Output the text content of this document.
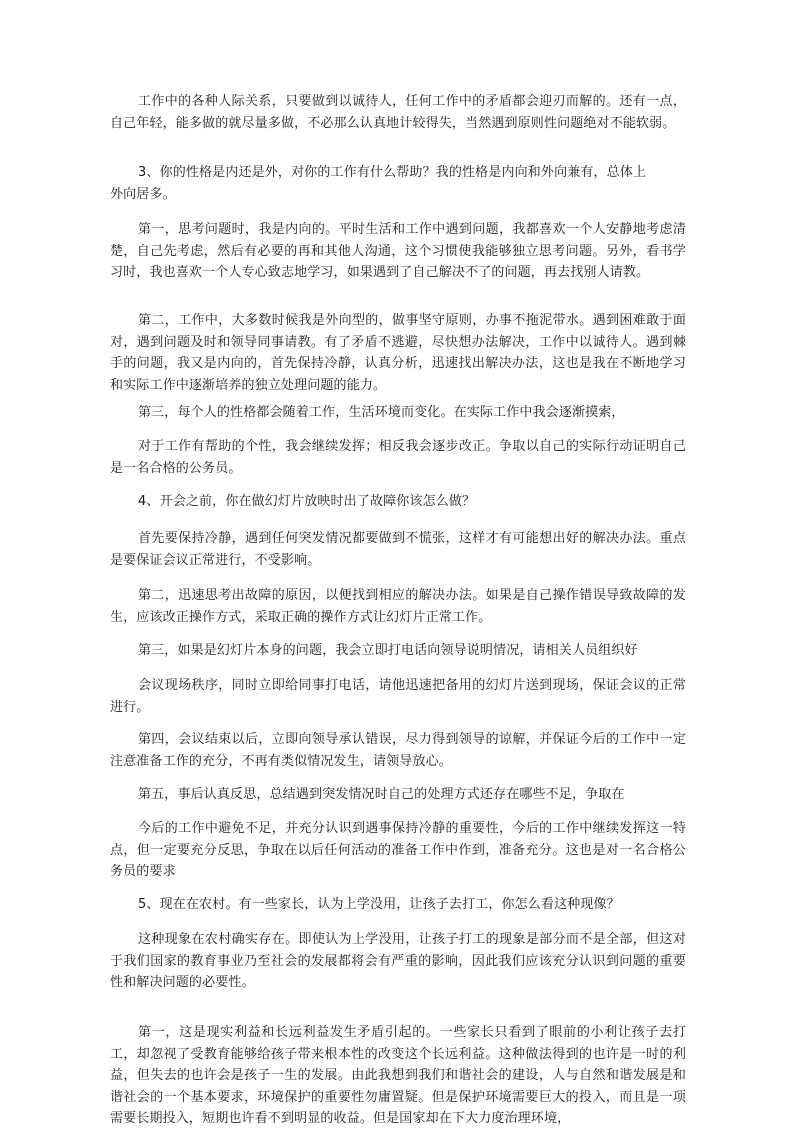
工作中的各种人际关系，只要做到以诚待人，任何工作中的矛盾都会迎刃而解的。还有一点，自己年轻，能多做的就尽量多做，不必那么认真地计较得失，当然遇到原则性问题绝对不能软弱。

3、你的性格是内还是外，对你的工作有什么帮助？我的性格是内向和外向兼有，总体上
外向居多。

第一，思考问题时，我是内向的。平时生活和工作中遇到问题，我都喜欢一个人安静地考虑清楚，自己先考虑，然后有必要的再和其他人沟通，这个习惯使我能够独立思考问题。另外，看书学习时，我也喜欢一个人专心致志地学习，如果遇到了自己解决不了的问题，再去找别人请教。

第二，工作中，大多数时候我是外向型的，做事坚守原则，办事不拖泥带水。遇到困难敢于面对，遇到问题及时和领导同事请教。有了矛盾不逃避，尽快想办法解决，工作中以诚待人。遇到棘手的问题，我又是内向的，首先保持冷静，认真分析，迅速找出解决办法，这也是我在不断地学习和实际工作中逐渐培养的独立处理问题的能力。

第三，每个人的性格都会随着工作，生活环境而变化。在实际工作中我会逐渐摸索，

对于工作有帮助的个性，我会继续发挥；相反我会逐步改正。争取以自己的实际行动证明自己是一名合格的公务员。

4、开会之前，你在做幻灯片放映时出了故障你该怎么做？

首先要保持冷静，遇到任何突发情况都要做到不慌张，这样才有可能想出好的解决办法。重点是要保证会议正常进行，不受影响。

第二，迅速思考出故障的原因，以便找到相应的解决办法。如果是自己操作错误导致故障的发生，应该改正操作方式，采取正确的操作方式让幻灯片正常工作。

第三，如果是幻灯片本身的问题，我会立即打电话向领导说明情况，请相关人员组织好

会议现场秩序，同时立即给同事打电话，请他迅速把备用的幻灯片送到现场，保证会议的正常进行。

第四，会议结束以后，立即向领导承认错误，尽力得到领导的谅解，并保证今后的工作中一定注意准备工作的充分，不再有类似情况发生，请领导放心。

第五，事后认真反思，总结遇到突发情况时自己的处理方式还存在哪些不足，争取在

今后的工作中避免不足，并充分认识到遇事保持冷静的重要性，今后的工作中继续发挥这一特点，但一定要充分反思，争取在以后任何活动的准备工作中作到，准备充分。这也是对一名合格公务员的要求

5、现在在农村。有一些家长，认为上学没用，让孩子去打工，你怎么看这种现像？

这种现象在农村确实存在。即使认为上学没用，让孩子打工的现象是部分而不是全部，但这对于我们国家的教育事业乃至社会的发展都将会有严重的影响，因此我们应该充分认识到问题的重要性和解决问题的必要性。

第一，这是现实利益和长远利益发生矛盾引起的。一些家长只看到了眼前的小利让孩子去打工，却忽视了受教育能够给孩子带来根本性的改变这个长远利益。这种做法得到的也许是一时的利益，但失去的也许会是孩子一生的发展。由此我想到我们和谐社会的建设，人与自然和谐发展是和谐社会的一个基本要求，环境保护的重要性勿庸置疑。但是保护环境需要巨大的投入，而且是一项需要长期投入，短期也许看不到明显的收益。但是国家却在下大力度治理环境，
